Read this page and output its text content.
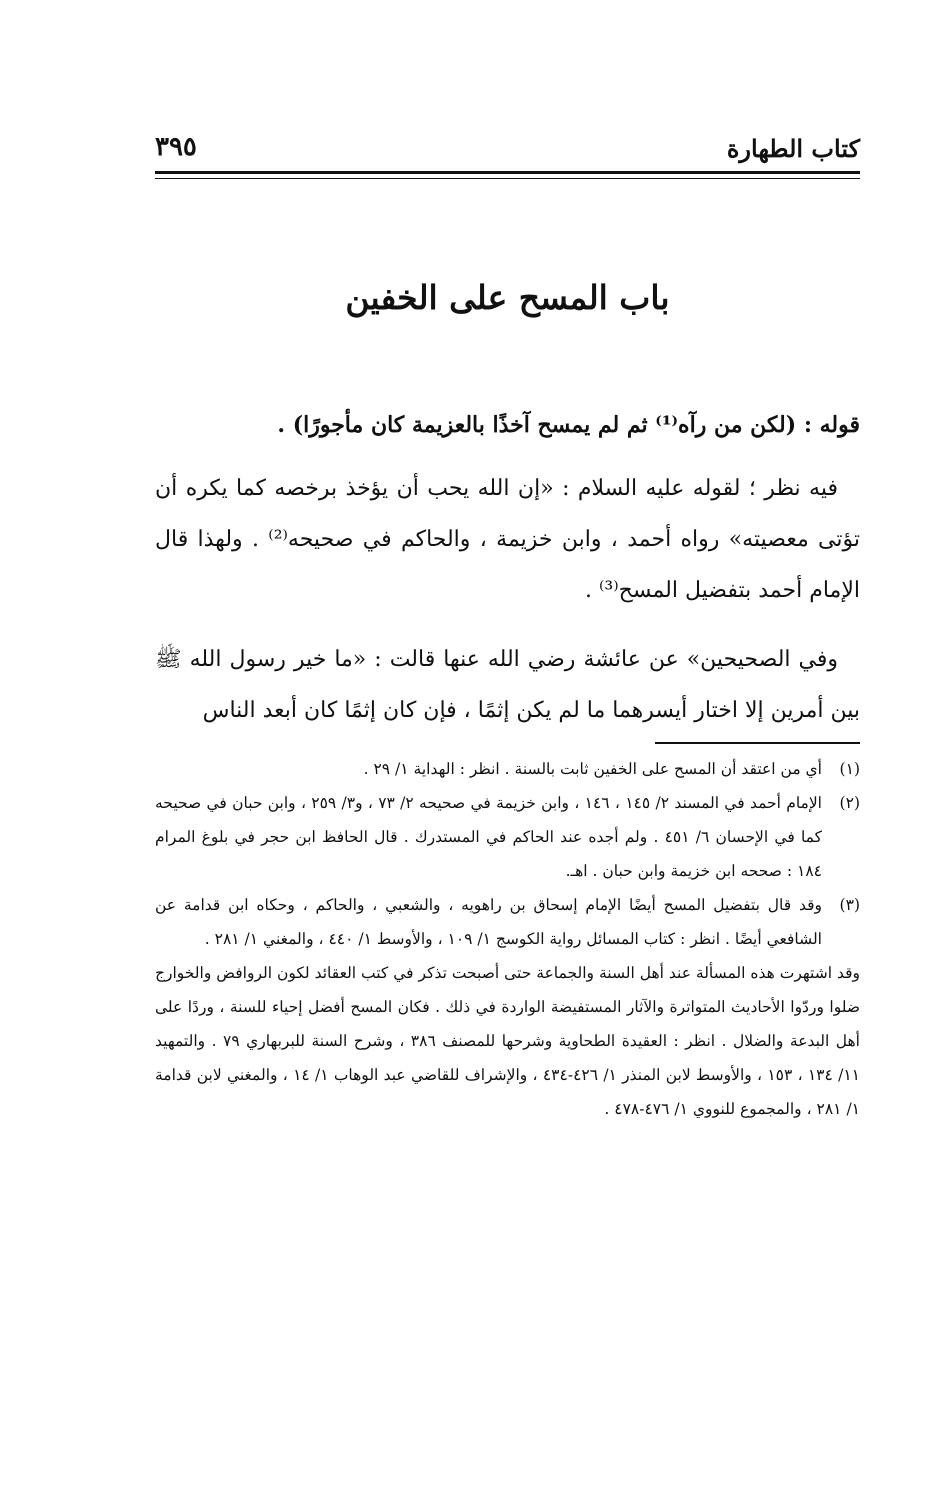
كتاب الطهارة
٣٩٥
باب المسح على الخفين

قوله : (لكن من رآه⁽¹⁾ ثم لم يمسح آخذًا بالعزيمة كان مأجورًا) .

فيه نظر ؛ لقوله عليه السلام : «إن الله يحب أن يؤخذ برخصه كما يكره أن تؤتى معصيته» رواه أحمد ، وابن خزيمة ، والحاكم في صحيحه⁽²⁾ . ولهذا قال الإمام أحمد بتفضيل المسح⁽³⁾ .

وفي الصحيحين» عن عائشة رضي الله عنها قالت : «ما خير رسول الله ﷺ بين أمرين إلا اختار أيسرهما ما لم يكن إثمًا ، فإن كان إثمًا كان أبعد الناس

(١)

أي من اعتقد أن المسح على الخفين ثابت بالسنة . انظر : الهداية ١/ ٢٩ .

(٢)

الإمام أحمد في المسند ٢/ ١٤٥ ، ١٤٦ ، وابن خزيمة في صحيحه ٢/ ٧٣ ، و٣/ ٢٥٩ ، وابن حبان في صحيحه كما في الإحسان ٦/ ٤٥١ . ولم أجده عند الحاكم في المستدرك . قال الحافظ ابن حجر في بلوغ المرام ١٨٤ : صححه ابن خزيمة وابن حبان . اهـ.

(٣)

وقد قال بتفضيل المسح أيضًا الإمام إسحاق بن راهويه ، والشعبي ، والحاكم ، وحكاه ابن قدامة عن الشافعي أيضًا . انظر : كتاب المسائل رواية الكوسج ١/ ١٠٩ ، والأوسط ١/ ٤٤٠ ، والمغني ١/ ٢٨١ .

وقد اشتهرت هذه المسألة عند أهل السنة والجماعة حتى أصبحت تذكر في كتب العقائد لكون الروافض والخوارج ضلوا وردّوا الأحاديث المتواترة والآثار المستفيضة الواردة في ذلك . فكان المسح أفضل إحياء للسنة ، وردًا على أهل البدعة والضلال . انظر : العقيدة الطحاوية وشرحها للمصنف ٣٨٦ ، وشرح السنة للبربهاري ٧٩ . والتمهيد ١١/ ١٣٤ ، ١٥٣ ، والأوسط لابن المنذر ١/ ٤٢٦-٤٣٤ ، والإشراف للقاضي عبد الوهاب ١/ ١٤ ، والمغني لابن قدامة ١/ ٢٨١ ، والمجموع للنووي ١/ ٤٧٦-٤٧٨ .
